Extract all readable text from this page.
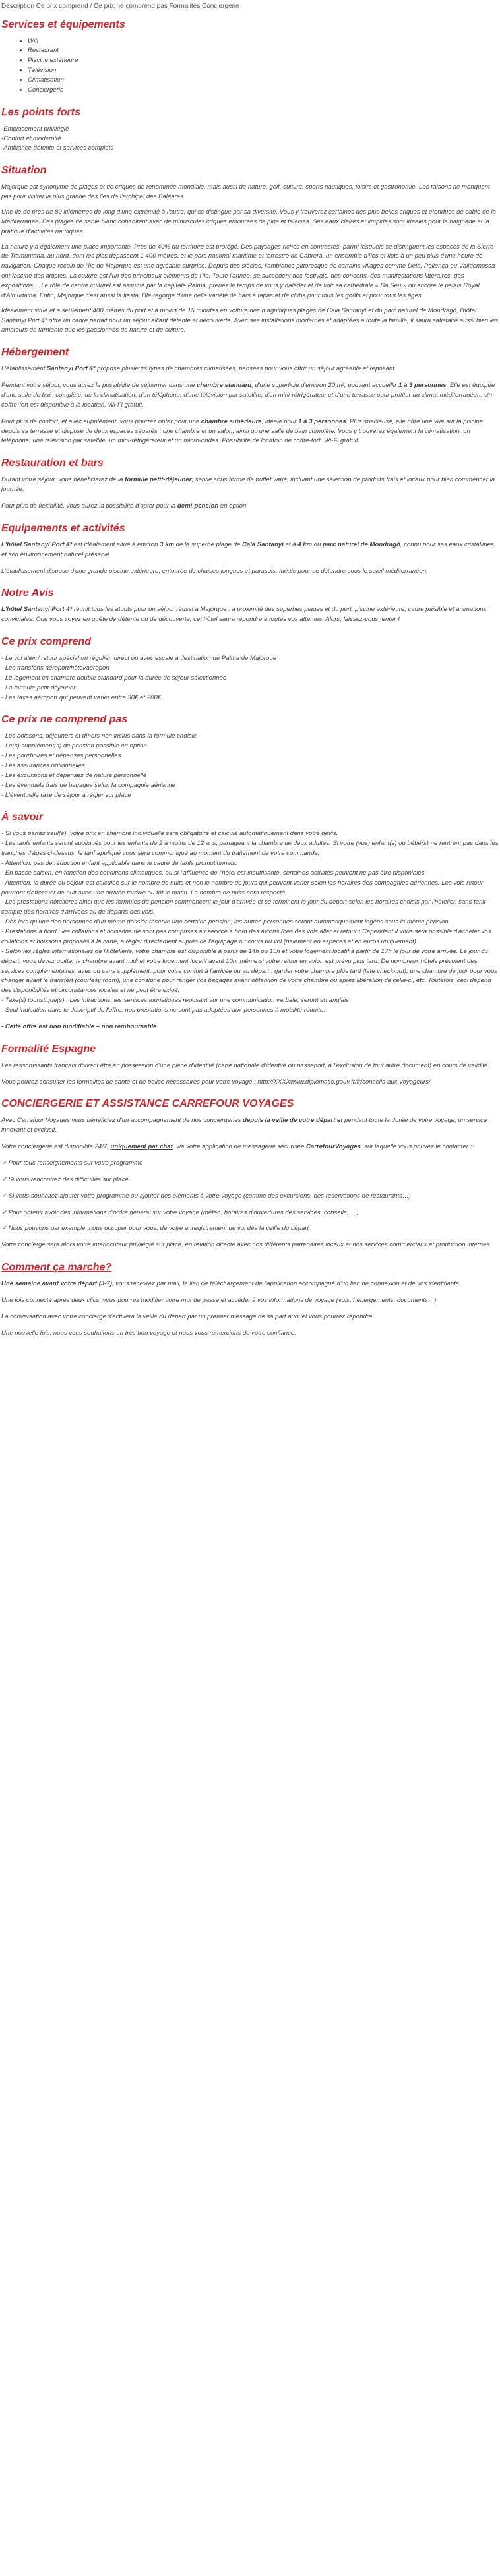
Description Ce prix comprend / Ce prix ne comprend pas Formalités Conciergerie
Services et équipements
• Wifi
• Restaurant
• Piscine extérieure
• Télévision
• Climatisation
• Conciergerie
Les points forts

-Emplacement privilégié

-Confort et modernité

-Ambiance détente et services complets

Situation

Majorque est synonyme de plages et de criques de renommée mondiale, mais aussi de nature, golf, culture, sports nautiques, loisirs et gastronomie. Les raisons ne manquent pas pour visiter la plus grande des îles de l'archipel des Baléares.

Une île de près de 80 kilomètres de long d'une extrémité à l'autre, qui se distingue par sa diversité. Vous y trouverez certaines des plus belles criques et étendues de sable de la Méditerranée. Des plages de sable blanc cohabitent avec de minuscules criques entourées de pins et falaises. Ses eaux claires et limpides sont idéales pour la baignade et la pratique d'activités nautiques.

La nature y a également une place importante. Près de 40% du territoire est protégé. Des paysages riches en contrastes, parmi lesquels se distinguent les espaces de la Sierra de Tramuntana, au nord, dont les pics dépassent 1 400 mètres, et le parc national maritime et terrestre de Cabrera, un ensemble d'îles et îlots à un peu plus d'une heure de navigation. Chaque recoin de l'île de Majorque est une agréable surprise. Depuis des siècles, l'ambiance pittoresque de certains villages comme Deià, Pollença ou Valldemossa ont fasciné des artistes. La culture est l'un des principaux éléments de l'île. Toute l'année, se succèdent des festivals, des concerts, des manifestations littéraires, des expositions… Le rôle de centre culturel est assumé par la capitale Palma, prenez le temps de vous y balader et de voir sa cathédrale « Sa Seu » ou encore le palais Royal d'Almudaina. Enfin, Majorque c'est aussi la fiesta, l'île regorge d'une belle variété de bars à tapas et de clubs pour tous les goûts et pour tous les âges.

Idéalement situé et à seulement 400 mètres du port et à moins de 15 minutes en voiture des magnifiques plages de Cala Santanyí et du parc naturel de Mondragó, l'hôtel Santanyi Port 4* offre un cadre parfait pour un séjour alliant détente et découverte. Avec ses installations modernes et adaptées à toute la famille, il saura satisfaire aussi bien les amateurs de farniente que les passionnés de nature et de culture.

Hébergement

L'établissement Santanyi Port 4* propose plusieurs types de chambres climatisées, pensées pour vous offrir un séjour agréable et reposant.

Pendant votre séjour, vous aurez la possibilité de séjourner dans une chambre standard, d'une superficie d'environ 20 m², pouvant accueillir 1 à 3 personnes. Elle est équipée d'une salle de bain complète, de la climatisation, d'un téléphone, d'une télévision par satellite, d'un mini-réfrigérateur et d'une terrasse pour profiter du climat méditerranéen. Un coffre-fort est disponible à la location. Wi-Fi gratuit.

Pour plus de confort, et avec supplément, vous pourrez opter pour une chambre supérieure, idéale pour 1 à 3 personnes. Plus spacieuse, elle offre une vue sur la piscine depuis sa terrasse et dispose de deux espaces séparés : une chambre et un salon, ainsi qu'une salle de bain complète. Vous y trouverez également la climatisation, un téléphone, une télévision par satellite, un mini-réfrigérateur et un micro-ondes. Possibilité de location de coffre-fort. Wi-Fi gratuit.

Restauration et bars

Durant votre séjour, vous bénéficierez de la formule petit-déjeuner, servie sous forme de buffet varié, incluant une sélection de produits frais et locaux pour bien commencer la journée.

Pour plus de flexibilité, vous aurez la possibilité d'opter pour la demi-pension en option.

Equipements et activités

L'hôtel Santanyi Port 4* est idéalement situé à environ 3 km de la superbe plage de Cala Santanyí et à 4 km du parc naturel de Mondragó, connu pour ses eaux cristallines et son environnement naturel préservé.

L'établissement dispose d'une grande piscine extérieure, entourée de chaises longues et parasols, idéale pour se détendre sous le soleil méditerranéen.

Notre Avis

L'hôtel Santanyi Port 4* réunit tous les atouts pour un séjour réussi à Majorque : à proximité des superbes plages et du port, piscine extérieure, cadre paisible et animations conviviales. Que vous soyez en quête de détente ou de découverte, cet hôtel saura répondre à toutes vos attentes. Alors, laissez-vous tenter !

Ce prix comprend

- Le vol aller / retour spécial ou régulier, direct ou avec escale à destination de Palma de Majorque

- Les transferts aéroport/hôtel/aéroport

- Le logement en chambre double standard pour la durée de séjour sélectionnée

- La formule petit-déjeuner

- Les taxes aéroport qui peuvent varier entre 30€ et 200€

Ce prix ne comprend pas

- Les boissons, déjeuners et dîners non inclus dans la formule choisie

- Le(s) supplément(s) de pension possible en option

- Les pourboires et dépenses personnelles

- Les assurances optionnelles

- Les excursions et dépenses de nature personnelle

- Les éventuels frais de bagages selon la compagnie aérienne

- L'éventuelle taxe de séjour à régler sur place

À savoir

- Si vous partez seul(e), votre prix en chambre individuelle sera obligatoire et calculé automatiquement dans votre devis.

- Les tarifs enfants seront appliqués pour les enfants de 2 à moins de 12 ans, partageant la chambre de deux adultes. Si votre (vos) enfant(s) ou bébé(s) ne rentrent pas dans les tranches d'âges ci-dessus, le tarif appliqué vous sera communiqué au moment du traitement de votre commande.

- Attention, pas de réduction enfant applicable dans le cadre de tarifs promotionnels.

- En basse saison, en fonction des conditions climatiques, ou si l'affluence de l'hôtel est insuffisante, certaines activités peuvent ne pas être disponibles.

- Attention, la durée du séjour est calculée sur le nombre de nuits et non le nombre de jours qui peuvent varier selon les horaires des compagnies aériennes. Les vols retour pourront s'effectuer de nuit avec une arrivée tardive ou tôt le matin. Le nombre de nuits sera respecté.

- Les prestations hôtelières ainsi que les formules de pension commencent le jour d'arrivée et se terminent le jour du départ selon les horaires choisis par l'hôtelier, sans tenir compte des horaires d'arrivées ou de départs des vols.

- Dès lors qu'une des personnes d'un même dossier réserve une certaine pension, les autres personnes seront automatiquement logées sous la même pension.

- Prestations à bord : les collations et boissons ne sont pas comprises au service à bord des avions (ces des vols aller et retour ; Cependant il vous sera possible d'acheter vos collations et boissons proposés à la carte, à régler directement auprès de l'équipage ou cours du vol (paiement en espèces et en euros uniquement).

- Selon les règles internationales de l'hôtellerie, votre chambre est disponible à partir de 14h ou 15h et votre logement locatif à partir de 17h le jour de votre arrivée. Le jour du départ, vous devez quitter la chambre avant midi et votre logement locatif avant 10h, même si votre retour en avion est prévu plus tard. De nombreux hôtels prévoient des services complémentaires, avec ou sans supplément, pour votre confort à l'arrivée ou au départ : garder votre chambre plus tard (late check-out), une chambre de jour pour vous changer avant le transfert (courtesy room), une consigne pour ranger vos bagages avant obtention de votre chambre ou après libération de celle-ci, etc. Toutefois, ceci dépend des disponibilités et circonstances locales et ne peut être exigé.

- Taxe(s) touristique(s) : Les infractions, les services touristiques reposant sur une communication verbale, seront en anglais

- Seul indication dans le descriptif de l'offre, nos prestations ne sont pas adaptées aux personnes à mobilité réduite.

- Cette offre est non modifiable – non remboursable

Formalité Espagne

Les ressortissants français doivent être en possession d'une pièce d'identité (carte nationale d'identité ou passeport, à l'exclusion de tout autre document) en cours de validité.

Vous pouvez consulter les formalités de santé et de police nécessaires pour votre voyage : http://XXXXwww.diplomatie.gouv.fr/fr/conseils-aux-voyageurs/

CONCIERGERIE ET ASSISTANCE CARREFOUR VOYAGES

Avec Carrefour Voyages vous bénéficiez d'un accompagnement de nos conciergeries depuis la veille de votre départ et pendant toute la durée de votre voyage, un service innovant et exclusif.

Votre conciergerie est disponible 24/7, uniquement par chat, via votre application de messagerie sécurisée CarrefourVoyages, sur laquelle vous pouvez le contacter :

✓ Pour tous renseignements sur votre programme

✓ Si vous rencontrez des difficultés sur place

✓ Si vous souhaitez ajouter votre programme ou ajouter des éléments à votre voyage (comme des excursions, des réservations de restaurants…)

✓ Pour obtenir avoir des informations d'ordre général sur votre voyage (météo, horaires d'ouvertures des services, conseils, …)

✓ Nous pouvons par exemple, nous occuper pour vous, de votre enregistrement de vol dès la veille du départ

Votre concierge sera alors votre interlocuteur privilégié sur place, en relation directe avec nos différents partenaires locaux et nos services commerciaux et production internes.

Comment ça marche?

Une semaine avant votre départ (J-7), vous recevrez par mail, le lien de téléchargement de l'application accompagné d'un lien de connexion et de vos identifiants.

Une fois connecté après deux clics, vous pourrez modifier votre mot de passe et accéder à vos informations de voyage (vols, hébergements, documents…).

La conversation avec votre concierge s'activera la veille du départ par un premier message de sa part auquel vous pourrez répondre.

Une nouvelle fois, nous vous souhaitons un très bon voyage et nous vous remercions de votre confiance.
